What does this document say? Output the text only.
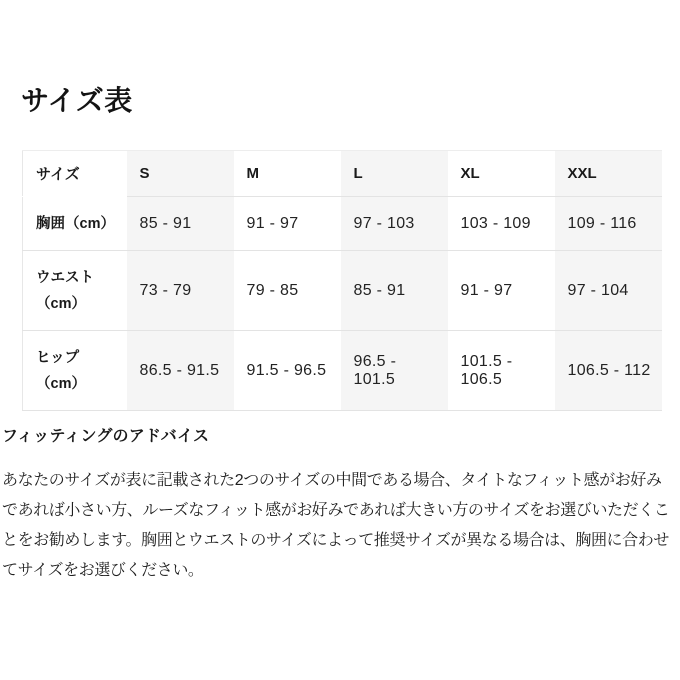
サイズ表
サイズ	S	M	L	XL	XXL
胸囲（cm）	85 - 91	91 - 97	97 - 103	103 - 109	109 - 116
ウエスト（cm）	73 - 79	79 - 85	85 - 91	91 - 97	97 - 104
ヒップ（cm）	86.5 - 91.5	91.5 - 96.5	96.5 - 101.5	101.5 - 106.5	106.5 - 112
フィッティングのアドバイス
あなたのサイズが表に記載された2つのサイズの中間である場合、タイトなフィット感がお好み
であれば小さい方、ルーズなフィット感がお好みであれば大きい方のサイズをお選びいただくこ
とをお勧めします。胸囲とウエストのサイズによって推奨サイズが異なる場合は、胸囲に合わせ
てサイズをお選びください。
